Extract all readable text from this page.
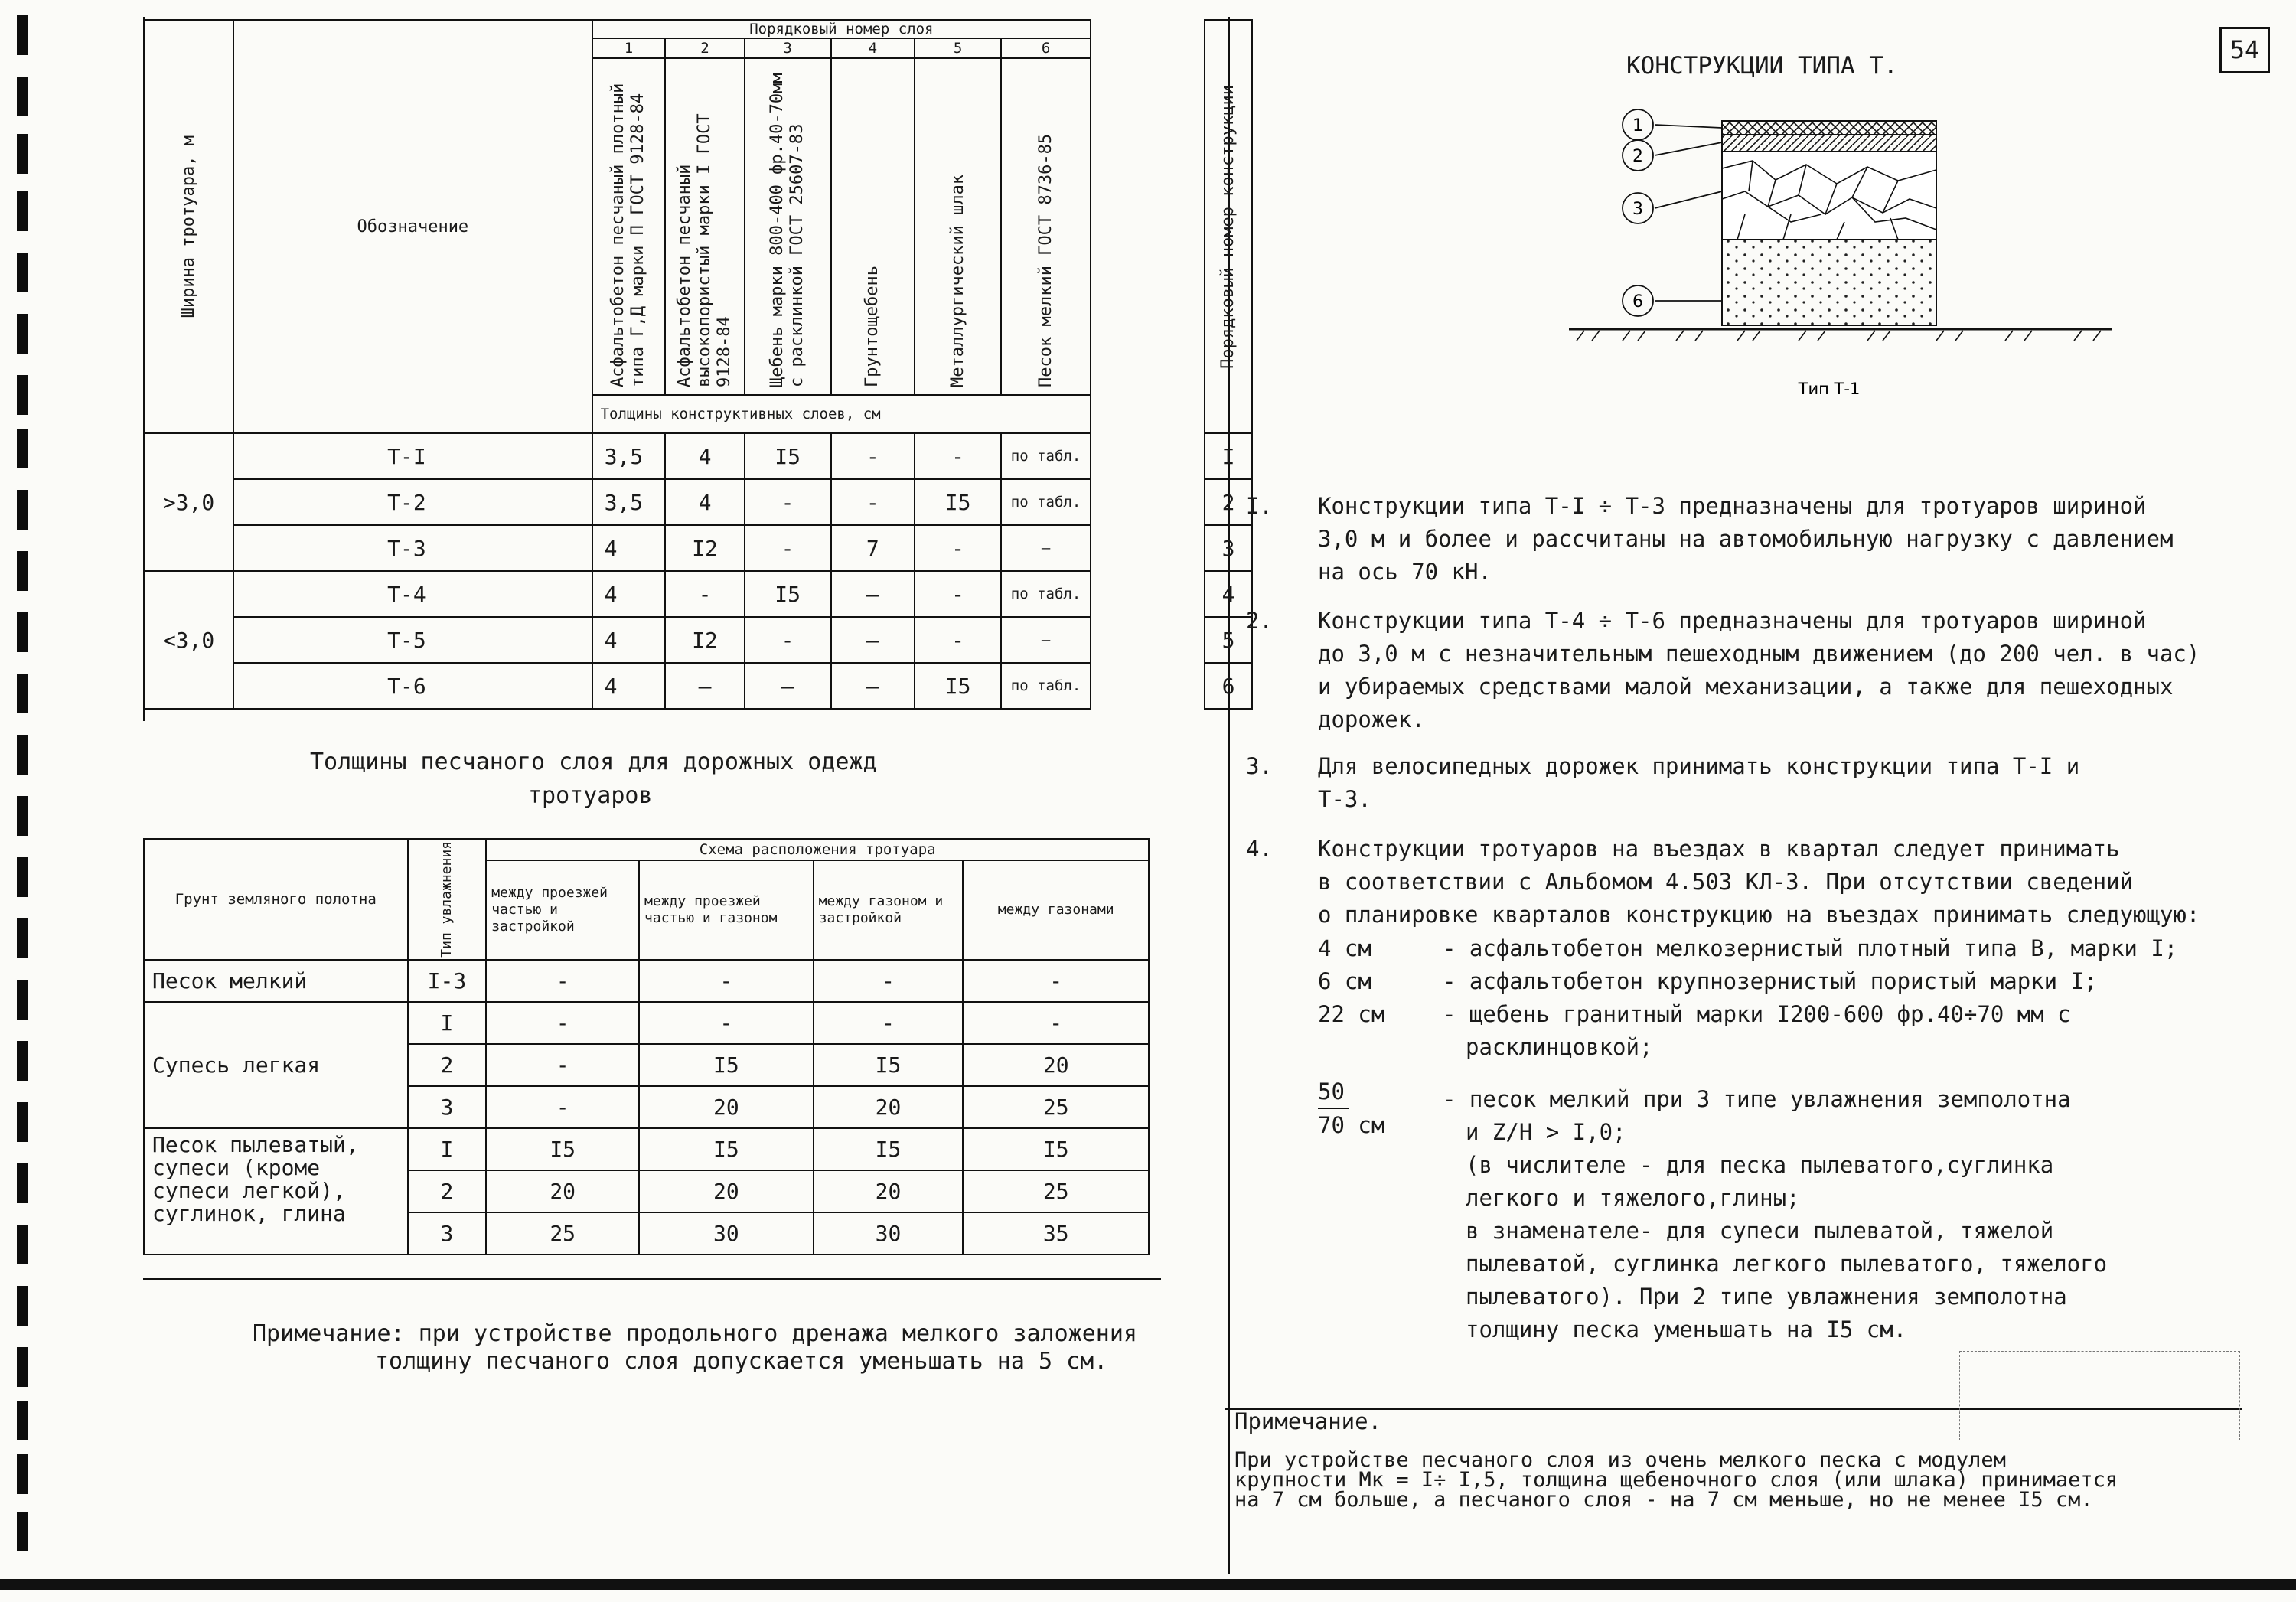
54
Ширина тротуара, м	Обозначение	Порядковый номер слоя							Порядковый номер конструкции

		1	2	3	4	5	6		

		Асфальтобетон песчаный плотный типа Г,Д марки П ГОСТ 9128-84	Асфальтобетон песчаный высокопористый марки I ГОСТ 9128-84	Щебень марки 800-400 фр.40-70мм с расклинкой ГОСТ 25607-83	Грунтощебень	Металлургический шлак	Песок мелкий ГОСТ 8736-85		

		Толщины конструктивных слоев, см							
>3,0	Т-I	3,5	4	I5	-	-	по табл.		I
	Т-2	3,5	4	-	-	I5	по табл.		2
	Т-3	4	I2	-	7	-	—		3
<3,0	Т-4	4	-	I5	—	-	по табл.		4
	Т-5	4	I2	-	—	-	—		5
	Т-6	4	—	—	—	I5	по табл.		6
Толщины песчаного слоя для дорожных одежд
тротуаров
Грунт земляного полотна	Тип увлажнения	Схема расположения тротуара			
		между проезжей частью и застройкой	между проезжей частью и газоном	между газоном и застройкой	между газонами
Песок мелкий	I-3	-	-	-	-
Супесь легкая	I	-	-	-	-
	2	-	I5	I5	20
	3	-	20	20	25
Песок пылеватый, супеси (кроме супеси легкой), суглинок, глина	I	I5	I5	I5	I5
	2	20	20	20	25
	3	25	30	30	35
Примечание: при устройстве продольного дренажа мелкого заложения
толщину песчаного слоя допускается уменьшать на 5 см.
КОНСТРУКЦИИ ТИПА Т.
1
2
3
6
Тип Т-1
I. Конструкции типа Т-I ÷ Т-3 предназначены для тротуаров шириной
3,0 м и более и рассчитаны на автомобильную нагрузку с давлением
на ось 70 кН.
2. Конструкции типа Т-4 ÷ Т-6 предназначены для тротуаров шириной
до 3,0 м с незначительным пешеходным движением (до 200 чел. в час)
и убираемых средствами малой механизации, а также для пешеходных
дорожек.
3. Для велосипедных дорожек принимать конструкции типа Т-I и
Т-3.
4. Конструкции тротуаров на въездах в квартал следует принимать
в соответствии с Альбомом 4.503 КЛ-3. При отсутствии сведений
о планировке кварталов конструкцию на въездах принимать следующую:
4 см	- асфальтобетон мелкозернистый плотный типа В, марки I;
6 см	- асфальтобетон крупнозернистый пористый марки I;
22 см	- щебень гранитный марки I200-600 фр.40÷70 мм с
расклинцовкой;
50
70 см
- песок мелкий при 3 типе увлажнения земполотна
и Z/H > I,0;
(в числителе - для песка пылеватого,суглинка
легкого и тяжелого,глины;
в знаменателе- для супеси пылеватой, тяжелой
пылеватой, суглинка легкого пылеватого, тяжелого
пылеватого). При 2 типе увлажнения земполотна
толщину песка уменьшать на I5 см.
Примечание.
При устройстве песчаного слоя из очень мелкого песка с модулем
крупности Мк = I÷ I,5, толщина щебеночного слоя (или шлака) принимается
на 7 см больше, а песчаного слоя - на 7 см меньше, но не менее I5 см.
